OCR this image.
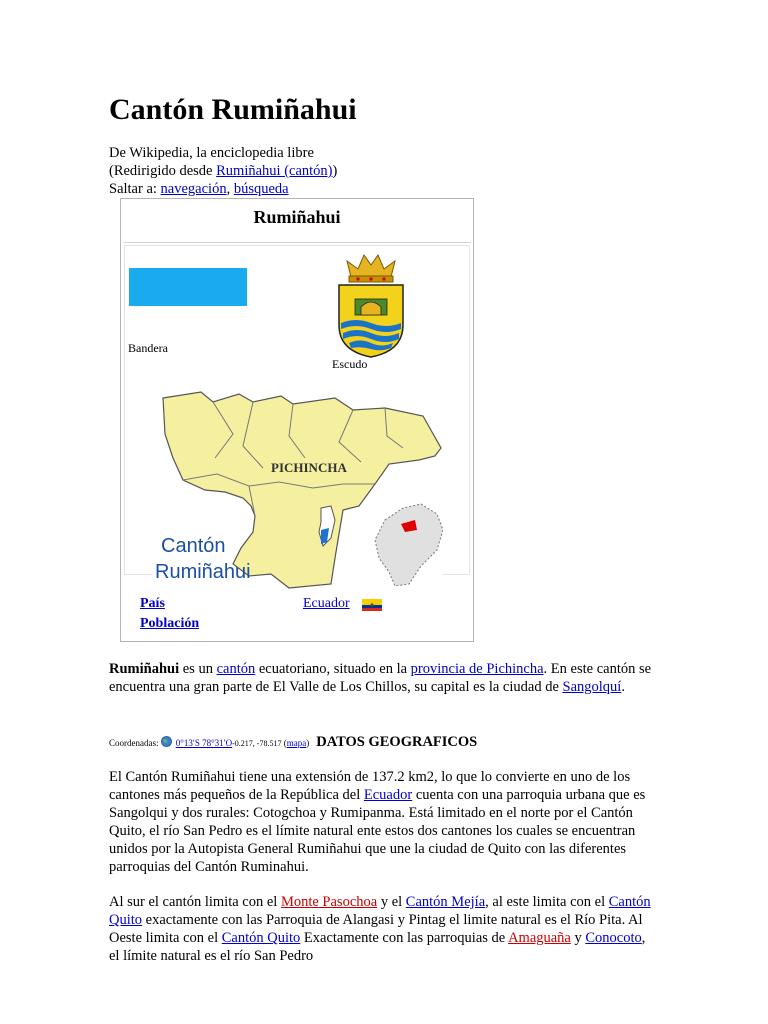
Cantón Rumiñahui
De Wikipedia, la enciclopedia libre
(Redirigido desde Rumiñahui (cantón))
Saltar a: navegación, búsqueda
Rumiñahui
Bandera
Escudo
PICHINCHA
Cantón
Rumiñahui
País
Población
Ecuador

Rumiñahui es un cantón ecuatoriano, situado en la provincia de Pichincha. En este cantón se encuentra una gran parte de El Valle de Los Chillos, su capital es la ciudad de Sangolquí.

Coordenadas:  0°13′S 78°31′O-0.217, -78.517 (mapa) DATOS GEOGRAFICOS

El Cantón Rumiñahui tiene una extensión de 137.2 km2, lo que lo convierte en uno de los cantones más pequeños de la República del Ecuador cuenta con una parroquia urbana que es Sangolqui y dos rurales: Cotogchoa y Rumipanma. Está limitado en el norte por el Cantón Quito, el río San Pedro es el límite natural ente estos dos cantones los cuales se encuentran unidos por la Autopista General Rumiñahui que une la ciudad de Quito con las diferentes parroquias del Cantón Ruminahui.

Al sur el cantón limita con el Monte Pasochoa y el Cantón Mejía, al este limita con el Cantón Quito exactamente con las Parroquia de Alangasi y Pintag el limite natural es el Río Pita. Al Oeste limita con el Cantón Quito Exactamente con las parroquias de Amaguaña y Conocoto, el límite natural es el río San Pedro
